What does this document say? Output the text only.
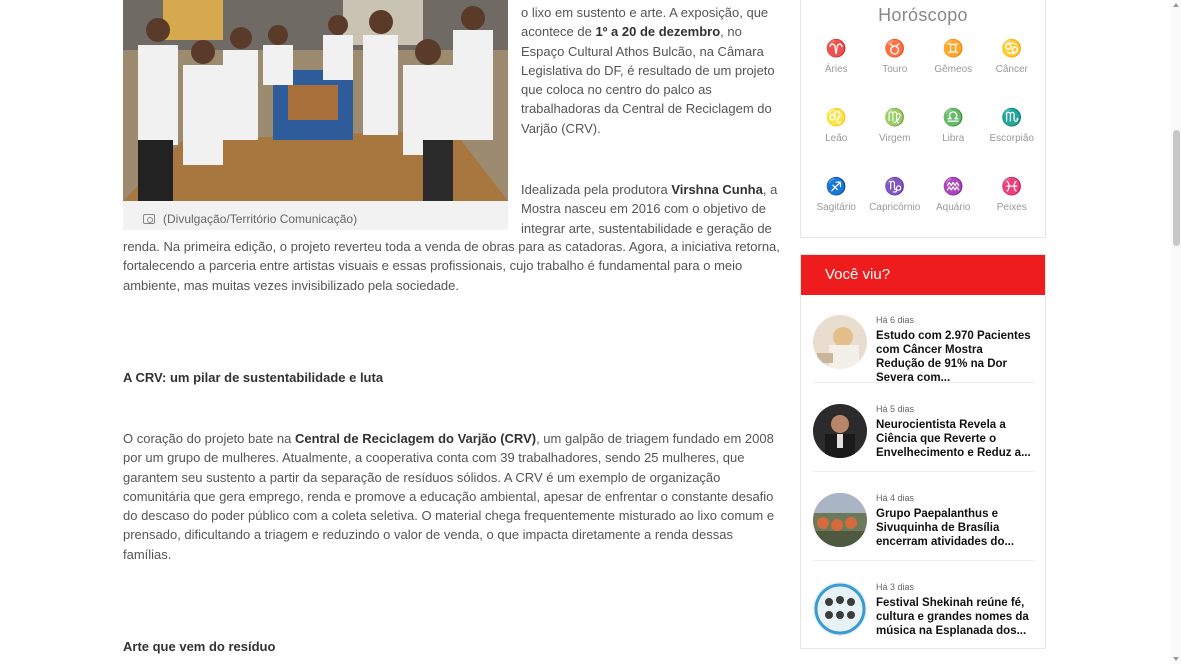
(Divulgação/Território Comunicação)

o lixo em sustento e arte. A exposição, que acontece de 1º a 20 de dezembro, no Espaço Cultural Athos Bulcão, na Câmara Legislativa do DF, é resultado de um projeto que coloca no centro do palco as trabalhadoras da Central de Reciclagem do Varjão (CRV).

Idealizada pela produtora Virshna Cunha, a Mostra nasceu em 2016 com o objetivo de integrar arte, sustentabilidade e geração de

renda. Na primeira edição, o projeto reverteu toda a venda de obras para as catadoras. Agora, a iniciativa retorna, fortalecendo a parceria entre artistas visuais e essas profissionais, cujo trabalho é fundamental para o meio ambiente, mas muitas vezes invisibilizado pela sociedade.

A CRV: um pilar de sustentabilidade e luta

O coração do projeto bate na Central de Reciclagem do Varjão (CRV), um galpão de triagem fundado em 2008 por um grupo de mulheres. Atualmente, a cooperativa conta com 39 trabalhadores, sendo 25 mulheres, que garantem seu sustento a partir da separação de resíduos sólidos. A CRV é um exemplo de organização comunitária que gera emprego, renda e promove a educação ambiental, apesar de enfrentar o constante desafio do descaso do poder público com a coleta seletiva. O material chega frequentemente misturado ao lixo comum e prensado, dificultando a triagem e reduzindo o valor de venda, o que impacta diretamente a renda dessas famílias.

Arte que vem do resíduo
Horóscopo
♈
Áries
♉
Touro
♊
Gêmeos
♋
Câncer
♌
Leão
♍
Virgem
♎
Libra
♏
Escorpião
♐
Sagitário
♑
Capricórnio
♒
Aquário
♓
Peixes
Você viu?
Há 6 dias
Estudo com 2.970 Pacientes com Câncer Mostra Redução de 91% na Dor Severa com...
Há 5 dias
Neurocientista Revela a Ciência que Reverte o Envelhecimento e Reduz a...
Há 4 dias
Grupo Paepalanthus e Sivuquinha de Brasília encerram atividades do...
Há 3 dias
Festival Shekinah reúne fé, cultura e grandes nomes da música na Esplanada dos...
